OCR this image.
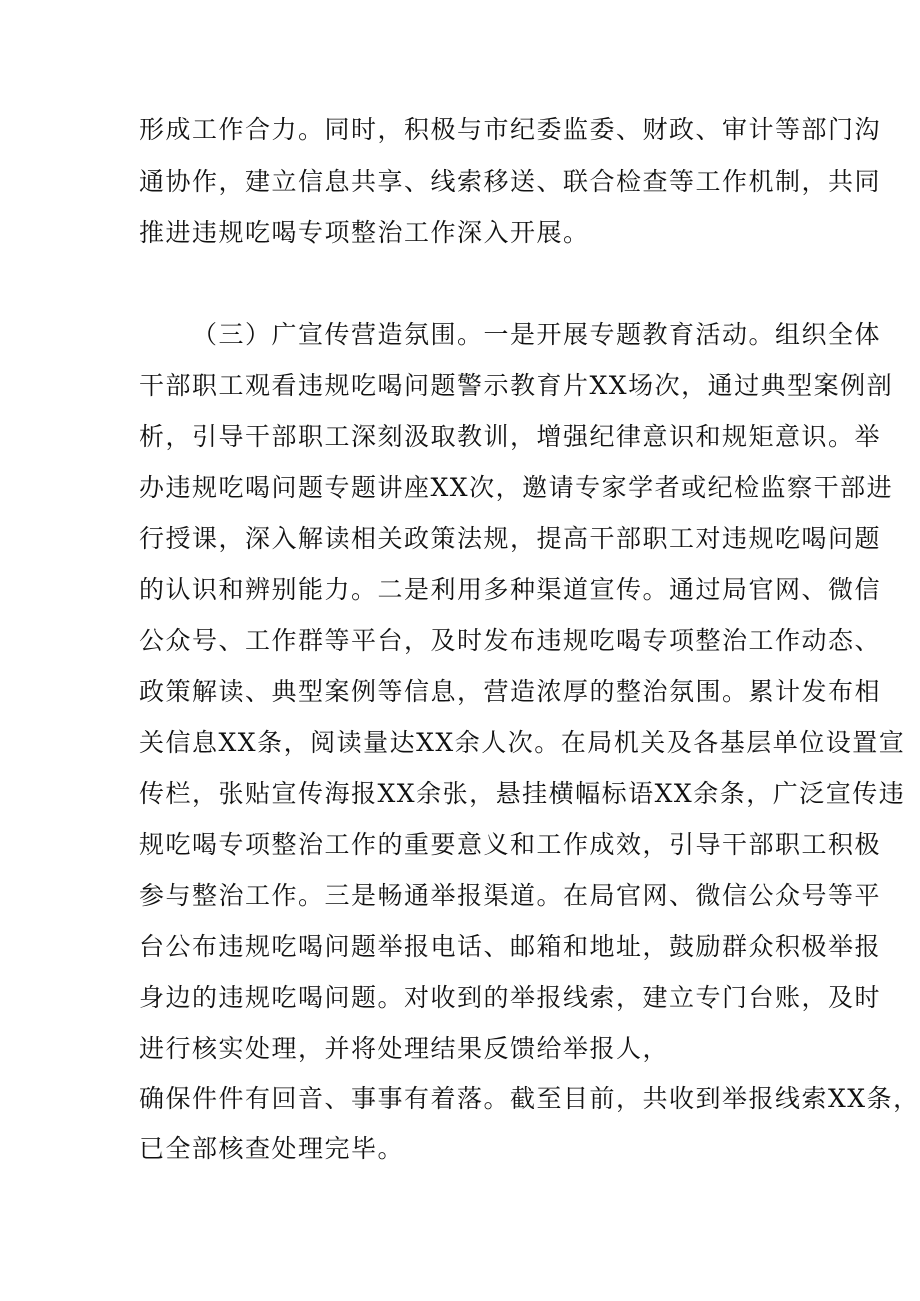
形成工作合力。同时，积极与市纪委监委、财政、审计等部门沟
通协作，建立信息共享、线索移送、联合检查等工作机制，共同
推进违规吃喝专项整治工作深入开展。
（三）广宣传营造氛围。一是开展专题教育活动。组织全体
干部职工观看违规吃喝问题警示教育片XX场次，通过典型案例剖
析，引导干部职工深刻汲取教训，增强纪律意识和规矩意识。举
办违规吃喝问题专题讲座XX次，邀请专家学者或纪检监察干部进
行授课，深入解读相关政策法规，提高干部职工对违规吃喝问题
的认识和辨别能力。二是利用多种渠道宣传。通过局官网、微信
公众号、工作群等平台，及时发布违规吃喝专项整治工作动态、
政策解读、典型案例等信息，营造浓厚的整治氛围。累计发布相
关信息XX条，阅读量达XX余人次。在局机关及各基层单位设置宣
传栏，张贴宣传海报XX余张，悬挂横幅标语XX余条，广泛宣传违
规吃喝专项整治工作的重要意义和工作成效，引导干部职工积极
参与整治工作。三是畅通举报渠道。在局官网、微信公众号等平
台公布违规吃喝问题举报电话、邮箱和地址，鼓励群众积极举报
身边的违规吃喝问题。对收到的举报线索，建立专门台账，及时
进行核实处理，并将处理结果反馈给举报人，
确保件件有回音、事事有着落。截至目前，共收到举报线索XX条，
已全部核查处理完毕。
